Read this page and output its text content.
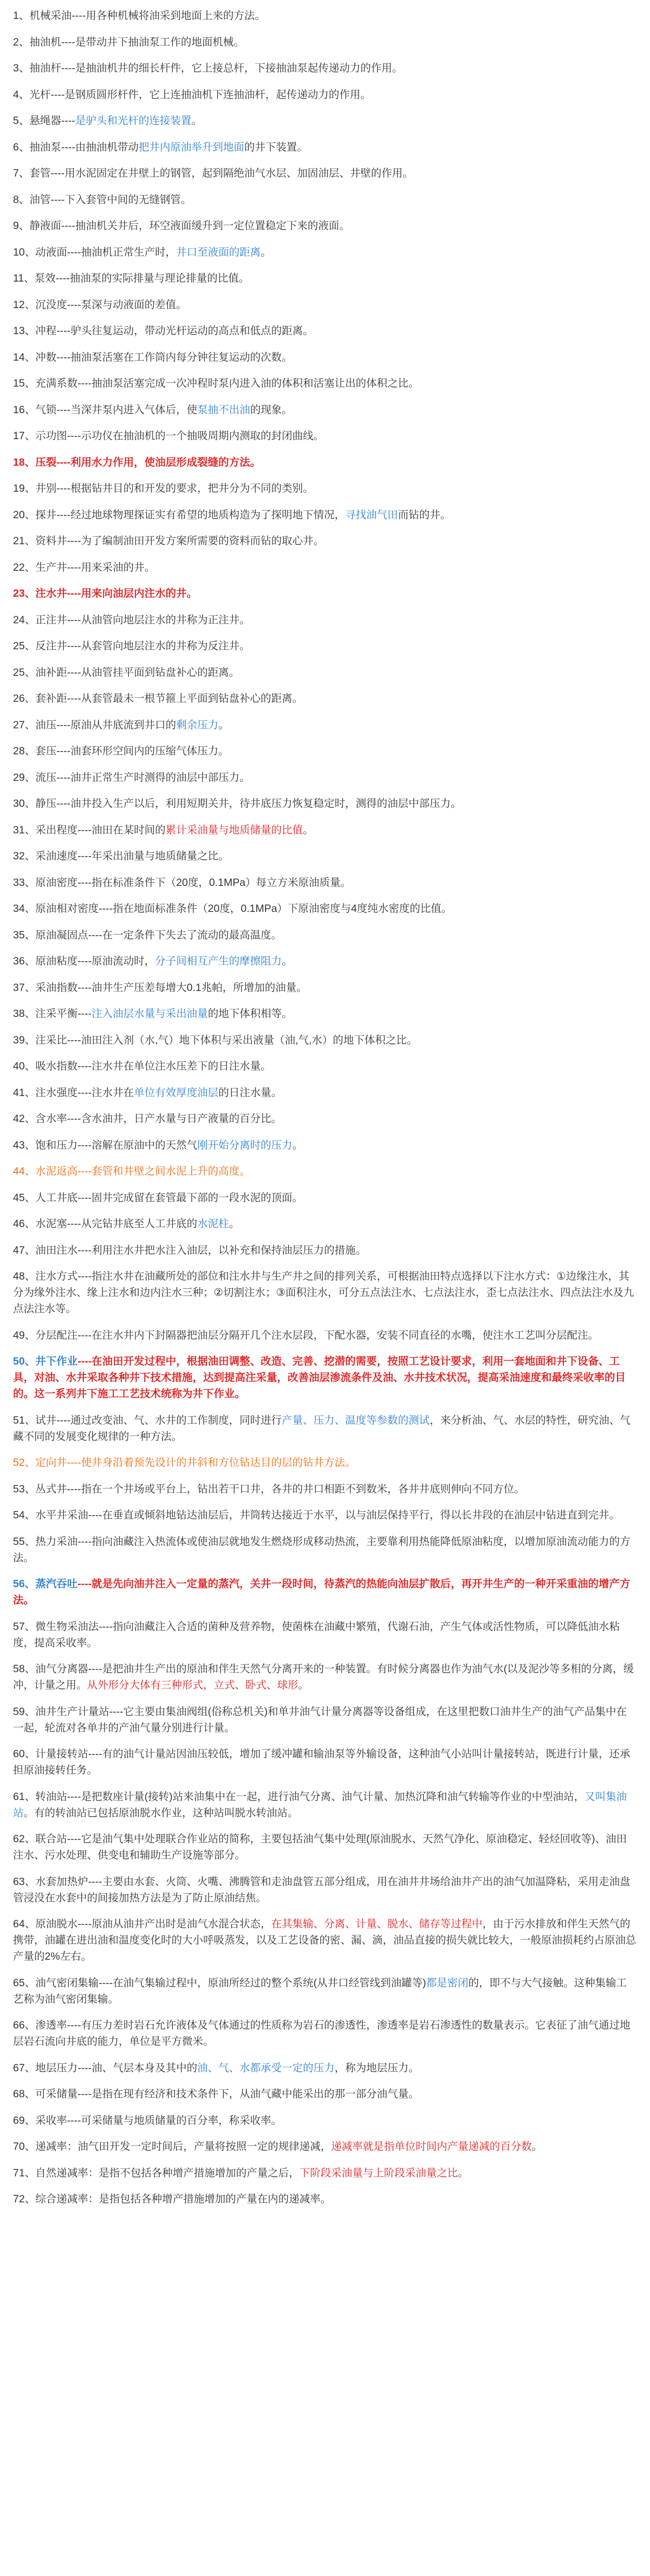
1、机械采油----用各种机械将油采到地面上来的方法。

2、抽油机----是带动井下抽油泵工作的地面机械。

3、抽油杆----是抽油机井的细长杆件，它上接总杆，下接抽油泵起传递动力的作用。

4、光杆----是钢质圆形杆件，它上连抽油机下连抽油杆，起传递动力的作用。

5、悬绳器----是驴头和光杆的连接装置。

6、抽油泵----由抽油机带动把井内原油举升到地面的井下装置。

7、套管----用水泥固定在井壁上的钢管，起到隔绝油气水层、加固油层、井壁的作用。

8、油管----下入套管中间的无缝钢管。

9、静液面----抽油机关井后，环空液面缓升到一定位置稳定下来的液面。

10、动液面----抽油机正常生产时，井口至液面的距离。

11、泵效----抽油泵的实际排量与理论排量的比值。

12、沉没度----泵深与动液面的差值。

13、冲程----驴头往复运动，带动光杆运动的高点和低点的距离。

14、冲数----抽油泵活塞在工作筒内每分钟往复运动的次数。

15、充满系数----抽油泵活塞完成一次冲程时泵内进入油的体积和活塞让出的体积之比。

16、气锁----当深井泵内进入气体后，使泵抽不出油的现象。

17、示功图----示功仪在抽油机的一个抽吸周期内测取的封闭曲线。

18、压裂----利用水力作用，使油层形成裂缝的方法。

19、井别----根据钻井目的和开发的要求，把井分为不同的类别。

20、探井----经过地球物理探证实有希望的地质构造为了探明地下情况，寻找油气田而钻的井。

21、资料井----为了编制油田开发方案所需要的资料而钻的取心井。

22、生产井----用来采油的井。

23、注水井----用来向油层内注水的井。

24、正注井----从油管向地层注水的井称为正注井。

25、反注井----从套管向地层注水的井称为反注井。

25、油补距----从油管挂平面到钻盘补心的距离。

26、套补距----从套管最未一根节箍上平面到钻盘补心的距离。

27、油压----原油从井底流到井口的剩余压力。

28、套压----油套环形空间内的压缩气体压力。

29、流压----油井正常生产时测得的油层中部压力。

30、静压----油井投入生产以后，利用短期关井，待井底压力恢复稳定时，测得的油层中部压力。

31、采出程度----油田在某时间的累计采油量与地质储量的比值。

32、采油速度----年采出油量与地质储量之比。

33、原油密度----指在标准条件下（20度，0.1MPa）每立方米原油质量。

34、原油相对密度----指在地面标准条件（20度，0.1MPa）下原油密度与4度纯水密度的比值。

35、原油凝固点----在一定条件下失去了流动的最高温度。

36、原油粘度----原油流动时，分子间相互产生的摩擦阻力。

37、采油指数----油井生产压差每增大0.1兆帕，所增加的油量。

38、注采平衡----注入油层水量与采出油量的地下体积相等。

39、注采比----油田注入剂（水,气）地下体积与采出液量（油,气,水）的地下体积之比。

40、吸水指数----注水井在单位注水压差下的日注水量。

41、注水强度----注水井在单位有效厚度油层的日注水量。

42、含水率----含水油井，日产水量与日产液量的百分比。

43、饱和压力----溶解在原油中的天然气刚开始分离时的压力。

44、水泥返高----套管和井壁之间水泥上升的高度。

45、人工井底----固井完成留在套管最下部的一段水泥的顶面。

46、水泥塞----从完钻井底至人工井底的水泥柱。

47、油田注水----利用注水井把水注入油层，以补充和保持油层压力的措施。

48、注水方式----指注水井在油藏所处的部位和注水井与生产井之间的排列关系，可根据油田特点选择以下注水方式：①边缘注水，其分为缘外注水、缘上注水和边内注水三种；②切割注水；③面积注水，可分五点法注水、七点法注水，歪七点法注水、四点法注水及九点法注水等。

49、分层配注----在注水井内下封隔器把油层分隔开几个注水层段，下配水器，安装不同直径的水嘴，使注水工艺叫分层配注。

50、井下作业----在油田开发过程中，根据油田调整、改造、完善、挖潜的需要，按照工艺设计要求，利用一套地面和井下设备、工具，对油、水井采取各种井下技术措施，达到提高注采量，改善油层渗流条件及油、水井技术状况，提高采油速度和最终采收率的目的。这一系列井下施工工艺技术统称为井下作业。

51、试井----通过改变油、气、水井的工作制度，同时进行产量、压力、温度等参数的测试，来分析油、气、水层的特性，研究油、气藏不同的发展变化规律的一种方法。

52、定向井----使井身沿着预先设计的井斜和方位钻达目的层的钻井方法。

53、丛式井----指在一个井场或平台上，钻出若干口井，各井的井口相距不到数米，各井井底则伸向不同方位。

54、水平井采油----在垂直或倾斜地钻达油层后，井筒转达接近于水平，以与油层保持平行，得以长井段的在油层中钻进直到完井。

55、热力采油----指向油藏注入热流体或使油层就地发生燃烧形成移动热流，主要靠利用热能降低原油粘度，以增加原油流动能力的方法。

56、蒸汽吞吐----就是先向油井注入一定量的蒸汽，关井一段时间，待蒸汽的热能向油层扩散后，再开井生产的一种开采重油的增产方法。

57、微生物采油法----指向油藏注入合适的菌种及营养物，使菌株在油藏中繁殖，代谢石油，产生气体或活性物质，可以降低油水粘度，提高采收率。

58、油气分离器----是把油井生产出的原油和伴生天然气分离开来的一种装置。有时候分离器也作为油气水(以及泥沙等多相的分离，缓冲，计量之用。从外形分大体有三种形式，立式、卧式、球形。

59、油井生产计量站----它主要由集油阀组(俗称总机关)和单井油气计量分离器等设备组成，在这里把数口油井生产的油气产品集中在一起，轮流对各单井的产油气量分别进行计量。

60、计量接转站----有的油气计量站因油压较低，增加了缓冲罐和输油泵等外输设备，这种油气小站叫计量接转站，既进行计量，还承担原油接转任务。

61、转油站----是把数座计量(接转)站来油集中在一起，进行油气分离、油气计量、加热沉降和油气转输等作业的中型油站，又叫集油站。有的转油站已包括原油脱水作业，这种站叫脱水转油站。

62、联合站----它是油气集中处理联合作业站的简称，主要包括油气集中处理(原油脱水、天然气净化、原油稳定、轻烃回收等)、油田注水、污水处理、供变电和辅助生产设施等部分。

63、水套加热炉----主要由水套、火筒、火嘴、沸腾管和走油盘管五部分组成，用在油井井场给油井产出的油气加温降粘，采用走油盘管浸没在水套中的间接加热方法是为了防止原油结焦。

64、原油脱水----原油从油井产出时是油气水混合状态，在其集输、分离、计量、脱水、储存等过程中，由于污水排放和伴生天然气的携带，油罐在进出油和温度变化时的大小呼吸蒸发，以及工艺设备的密、漏、滴，油品直接的损失就比较大，一般原油损耗约占原油总产量的2%左右。

65、油气密闭集输----在油气集输过程中，原油所经过的整个系统(从井口经管线到油罐等)都是密闭的，即不与大气接触。这种集输工艺称为油气密闭集输。

66、渗透率----有压力差时岩石允许液体及气体通过的性质称为岩石的渗透性，渗透率是岩石渗透性的数量表示。它表征了油气通过地层岩石流向井底的能力，单位是平方微米。

67、地层压力----油、气层本身及其中的油、气、水都承受一定的压力，称为地层压力。

68、可采储量----是指在现有经济和技术条件下，从油气藏中能采出的那一部分油气量。

69、采收率----可采储量与地质储量的百分率，称采收率。

70、递减率：油气田开发一定时间后，产量将按照一定的规律递减，递减率就是指单位时间内产量递减的百分数。

71、自然递减率：是指不包括各种增产措施增加的产量之后，下阶段采油量与上阶段采油量之比。

72、综合递减率：是指包括各种增产措施增加的产量在内的递减率。
